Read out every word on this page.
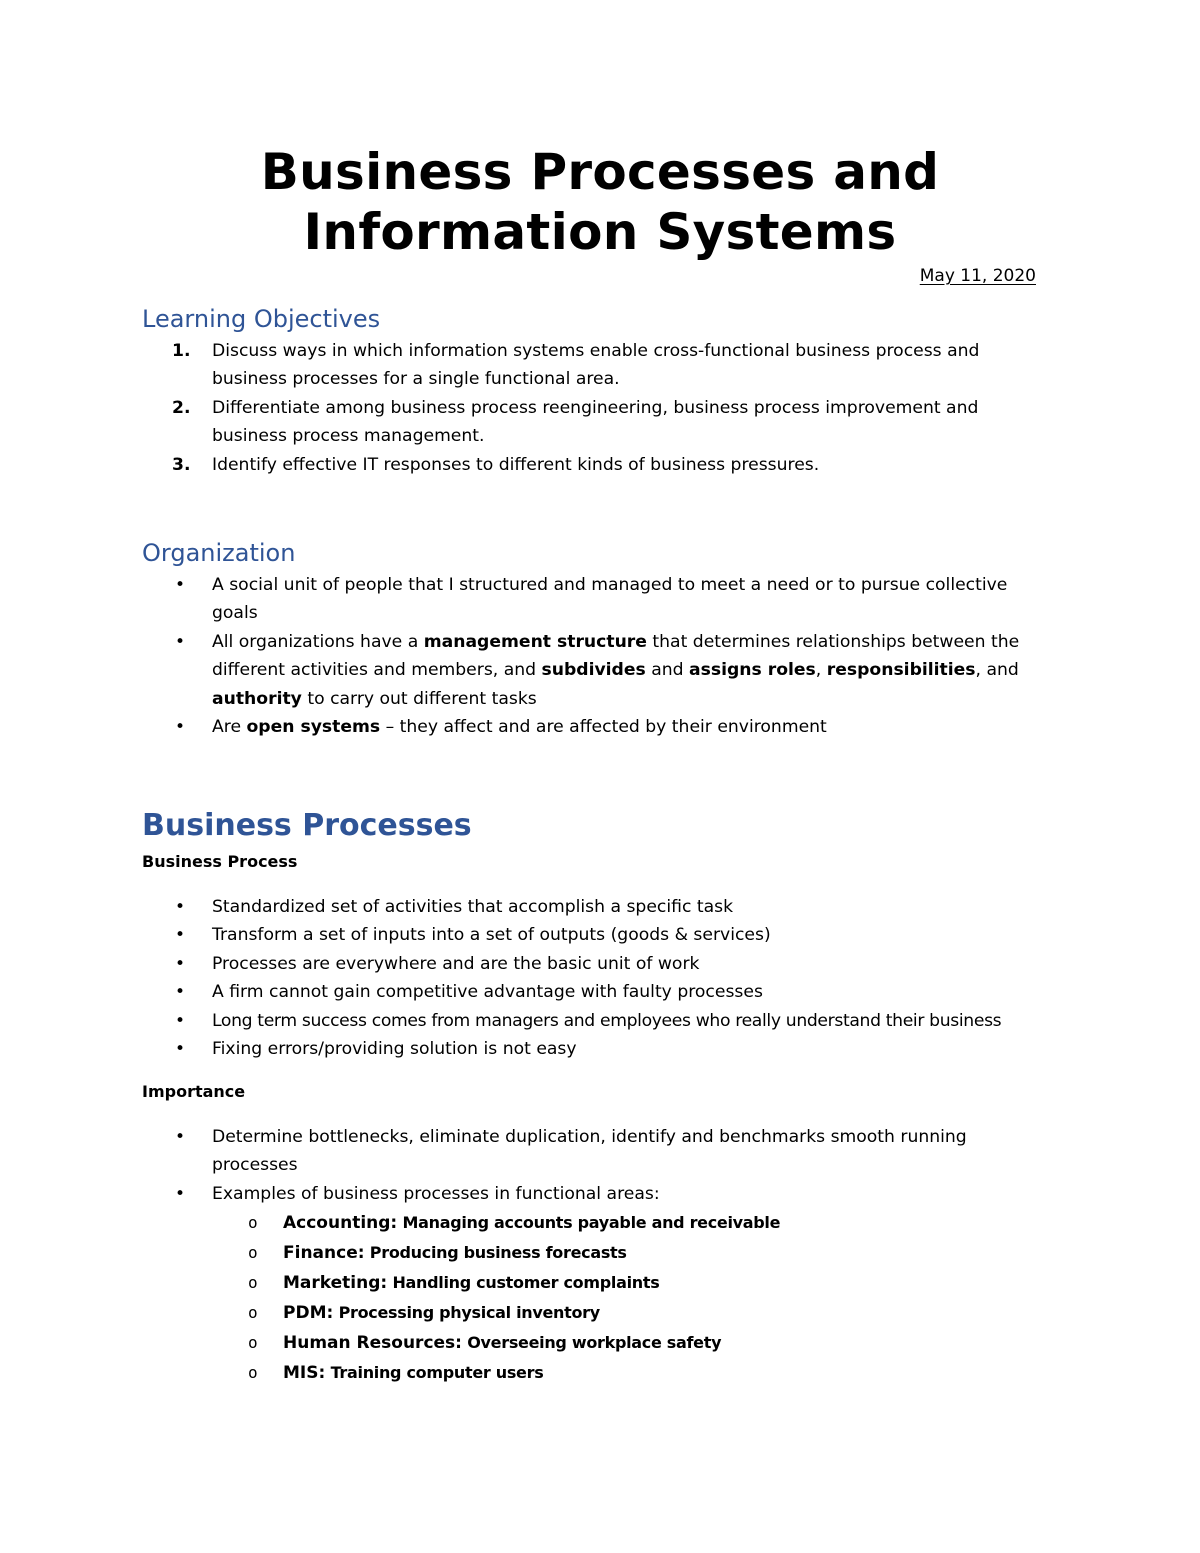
Business Processes and
Information Systems
May 11, 2020
Learning Objectives
1.	Discuss ways in which information systems enable cross-functional business process and business processes for a single functional area.
2.	Differentiate among business process reengineering, business process improvement and business process management.
3.	Identify effective IT responses to different kinds of business pressures.
Organization
•	A social unit of people that I structured and managed to meet a need or to pursue collective goals
•	All organizations have a management structure that determines relationships between the different activities and members, and subdivides and assigns roles, responsibilities, and authority to carry out different tasks
•	Are open systems – they affect and are affected by their environment
Business Processes
Business Process
•	Standardized set of activities that accomplish a specific task
•	Transform a set of inputs into a set of outputs (goods & services)
•	Processes are everywhere and are the basic unit of work
•	A firm cannot gain competitive advantage with faulty processes
•	Long term success comes from managers and employees who really understand their business
•	Fixing errors/providing solution is not easy
Importance
•	Determine bottlenecks, eliminate duplication, identify and benchmarks smooth running processes
•	Examples of business processes in functional areas:
o Accounting: Managing accounts payable and receivable
o Finance: Producing business forecasts
o Marketing: Handling customer complaints
o PDM: Processing physical inventory
o Human Resources: Overseeing workplace safety
o MIS: Training computer users
